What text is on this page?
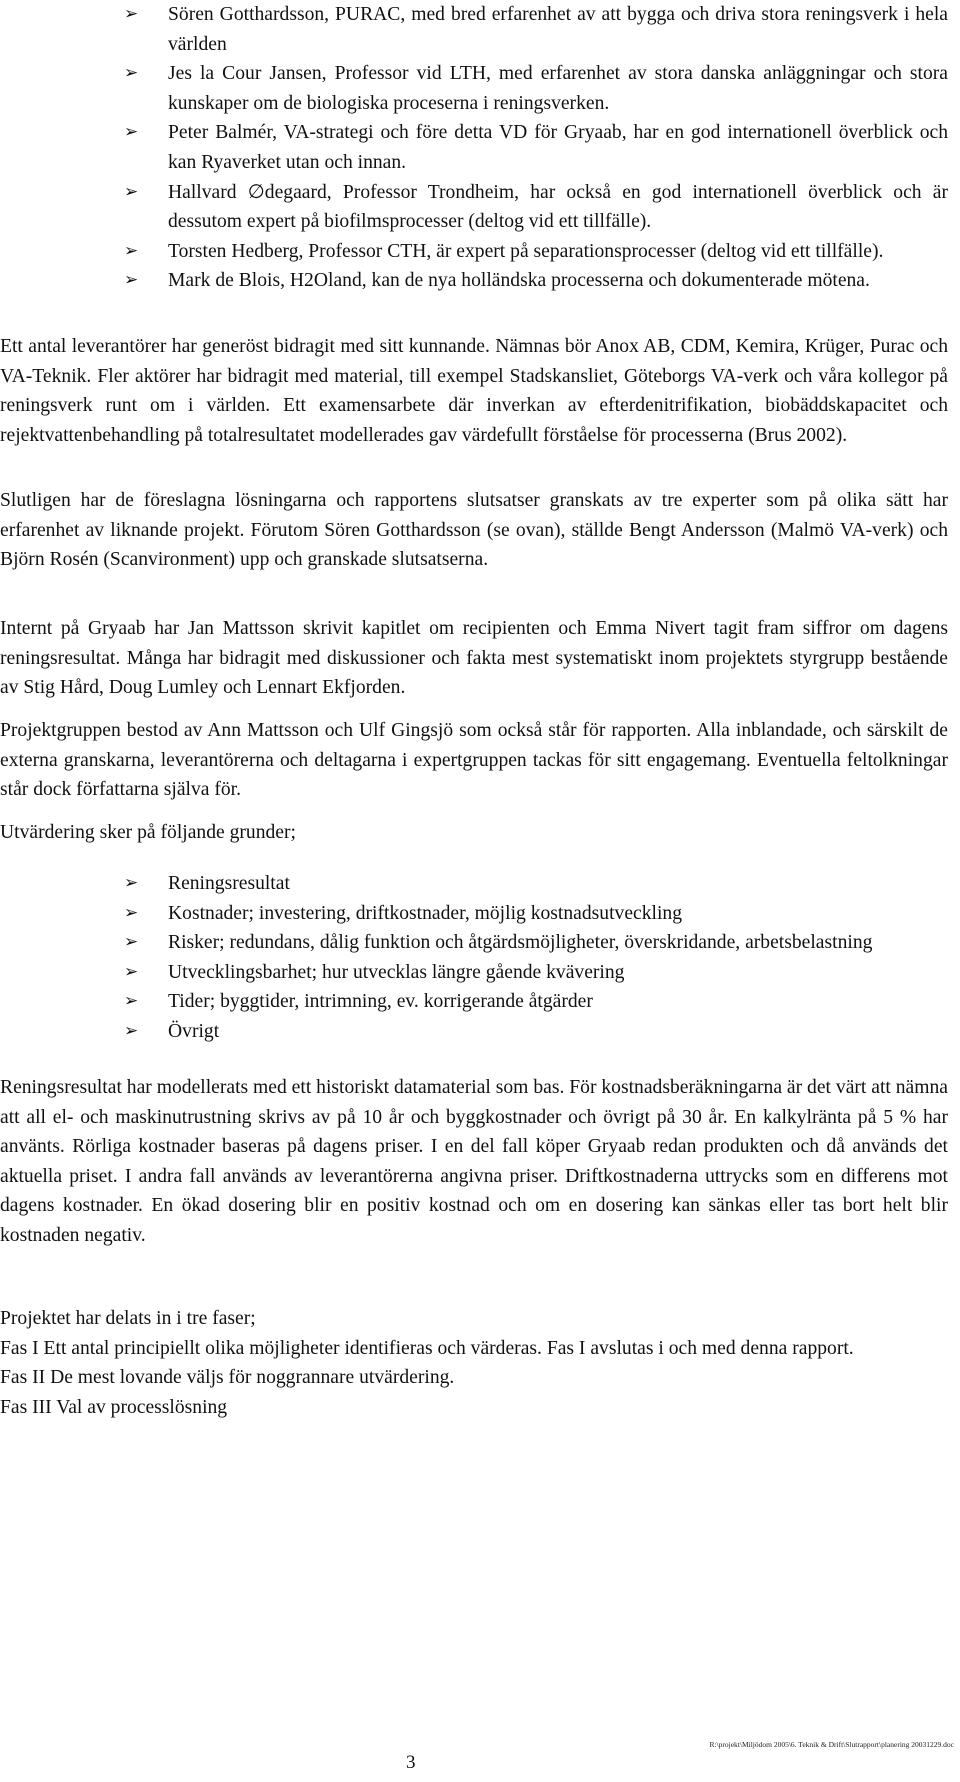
➢ Sören Gotthardsson, PURAC, med bred erfarenhet av att bygga och driva stora reningsverk i hela världen
➢ Jes la Cour Jansen, Professor vid LTH, med erfarenhet av stora danska anläggningar och stora kunskaper om de biologiska proceserna i reningsverken.
➢ Peter Balmér, VA-strategi och före detta VD för Gryaab, har en god internationell överblick och kan Ryaverket utan och innan.
➢ Hallvard ∅degaard, Professor Trondheim, har också en god internationell överblick och är dessutom expert på biofilmsprocesser (deltog vid ett tillfälle).
➢ Torsten Hedberg, Professor CTH, är expert på separationsprocesser (deltog vid ett tillfälle).
➢ Mark de Blois, H2Oland, kan de nya holländska processerna och dokumenterade mötena.

Ett antal leverantörer har generöst bidragit med sitt kunnande. Nämnas bör Anox AB, CDM, Kemira, Krüger, Purac och VA-Teknik. Fler aktörer har bidragit med material, till exempel Stadskansliet, Göteborgs VA-verk och våra kollegor på reningsverk runt om i världen. Ett examensarbete där inverkan av efterdenitrifikation, biobäddskapacitet och rejektvattenbehandling på totalresultatet modellerades gav värdefullt förståelse för processerna (Brus 2002).

Slutligen har de föreslagna lösningarna och rapportens slutsatser granskats av tre experter som på olika sätt har erfarenhet av liknande projekt. Förutom Sören Gotthardsson (se ovan), ställde Bengt Andersson (Malmö VA-verk) och Björn Rosén (Scanvironment) upp och granskade slutsatserna.

Internt på Gryaab har Jan Mattsson skrivit kapitlet om recipienten och Emma Nivert tagit fram siffror om dagens reningsresultat. Många har bidragit med diskussioner och fakta mest systematiskt inom projektets styrgrupp bestående av Stig Hård, Doug Lumley och Lennart Ekfjorden.

Projektgruppen bestod av Ann Mattsson och Ulf Gingsjö som också står för rapporten. Alla inblandade, och särskilt de externa granskarna, leverantörerna och deltagarna i expertgruppen tackas för sitt engagemang. Eventuella feltolkningar står dock författarna själva för.

Utvärdering sker på följande grunder;

➢ Reningsresultat
➢ Kostnader; investering, driftkostnader, möjlig kostnadsutveckling
➢ Risker; redundans, dålig funktion och åtgärdsmöjligheter, överskridande, arbetsbelastning
➢ Utvecklingsbarhet; hur utvecklas längre gående kvävering
➢ Tider; byggtider, intrimning, ev. korrigerande åtgärder
➢ Övrigt

Reningsresultat har modellerats med ett historiskt datamaterial som bas. För kostnadsberäkningarna är det värt att nämna att all el- och maskinutrustning skrivs av på 10 år och byggkostnader och övrigt på 30 år. En kalkylränta på 5 % har använts. Rörliga kostnader baseras på dagens priser. I en del fall köper Gryaab redan produkten och då används det aktuella priset. I andra fall används av leverantörerna angivna priser. Driftkostnaderna uttrycks som en differens mot dagens kostnader. En ökad dosering blir en positiv kostnad och om en dosering kan sänkas eller tas bort helt blir kostnaden negativ.

Projektet har delats in i tre faser;

Fas I Ett antal principiellt olika möjligheter identifieras och värderas. Fas I avslutas i och med denna rapport.

Fas II De mest lovande väljs för noggrannare utvärdering.

Fas III Val av processlösning

R:\projekt\Miljödom 2005\6. Teknik & Drift\Slutrapport\planering 20031229.doc
3
